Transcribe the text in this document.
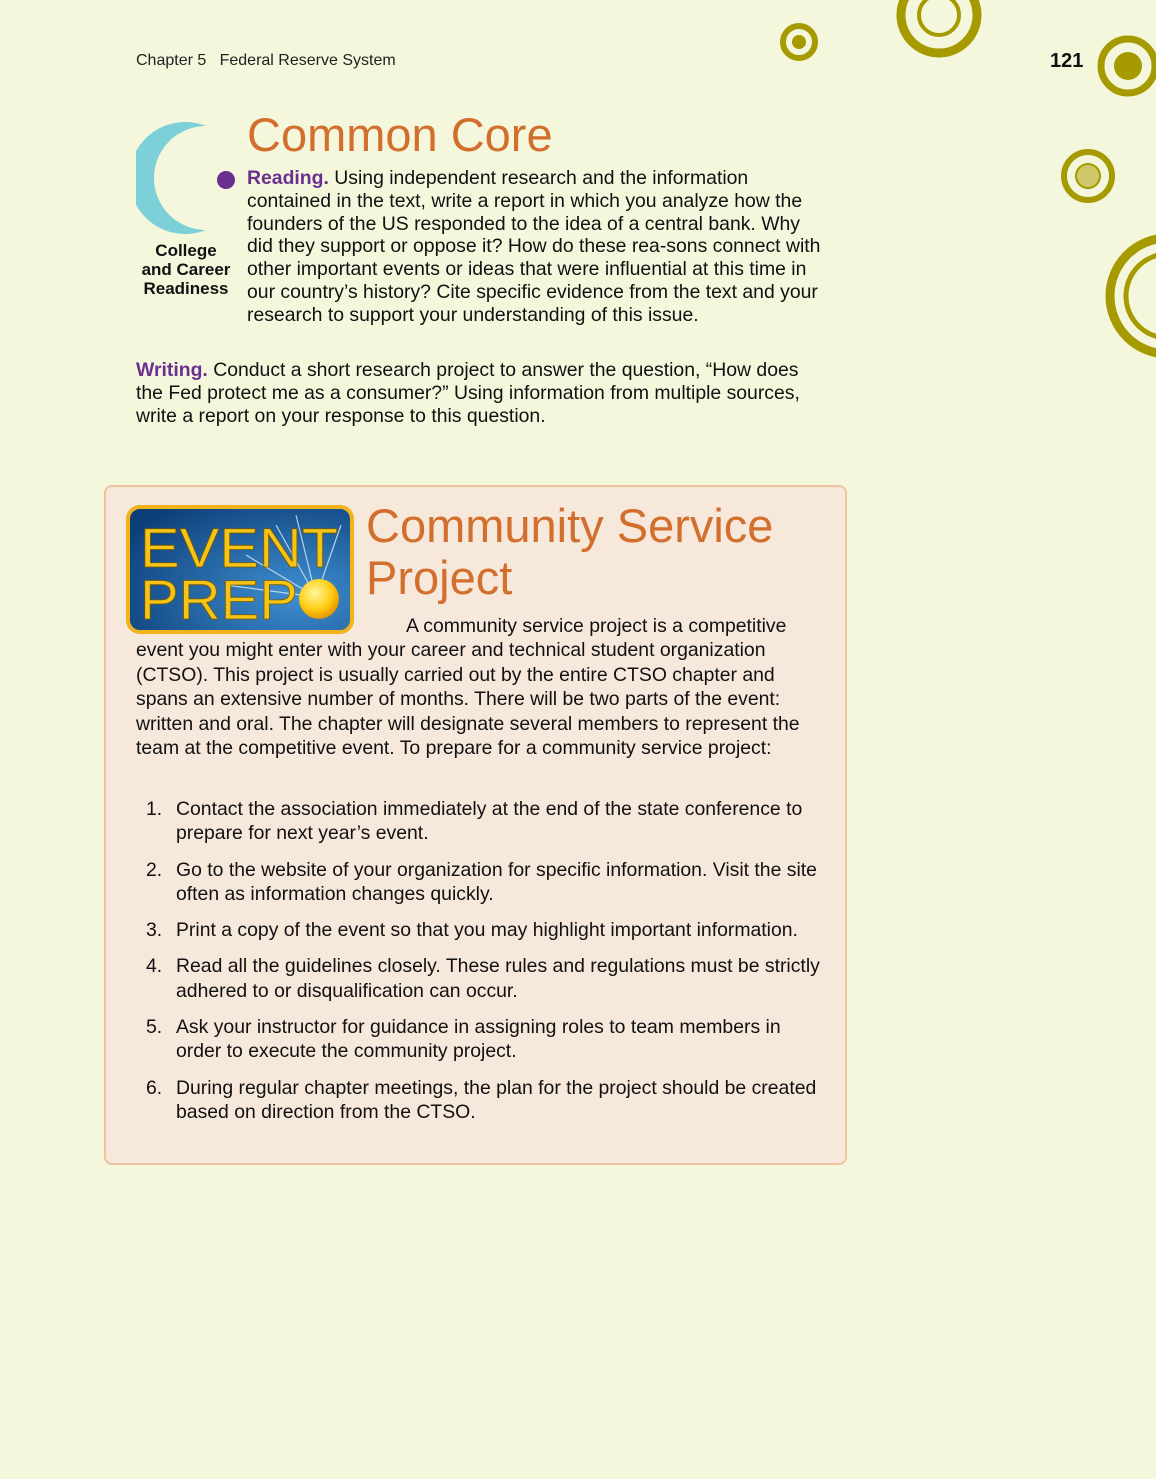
Chapter 5   Federal Reserve System	121
College
and Career
Readiness
Common Core

Reading. Using independent research and the information contained in the text, write a report in which you analyze how the founders of the US responded to the idea of a central bank. Why did they support or oppose it? How do these rea-sons connect with other important events or ideas that were influential at this time in our country’s history? Cite specific evidence from the text and your research to support your understanding of this issue.

Writing. Conduct a short research project to answer the question, “How does the Fed protect me as a consumer?” Using information from multiple sources, write a report on your response to this question.

EVENT
PREP
Community Service
Project

A community service project is a competitive event you might enter with your career and technical student organization (CTSO). This project is usually carried out by the entire CTSO chapter and spans an extensive number of months. There will be two parts of the event: written and oral. The chapter will designate several members to represent the team at the competitive event. To prepare for a community service project:

1. Contact the association immediately at the end of the state conference to prepare for next year’s event.
2. Go to the website of your organization for specific information. Visit the site often as information changes quickly.
3. Print a copy of the event so that you may highlight important information.
4. Read all the guidelines closely. These rules and regulations must be strictly adhered to or disqualification can occur.
5. Ask your instructor for guidance in assigning roles to team members in order to execute the community project.
6. During regular chapter meetings, the plan for the project should be created based on direction from the CTSO.
